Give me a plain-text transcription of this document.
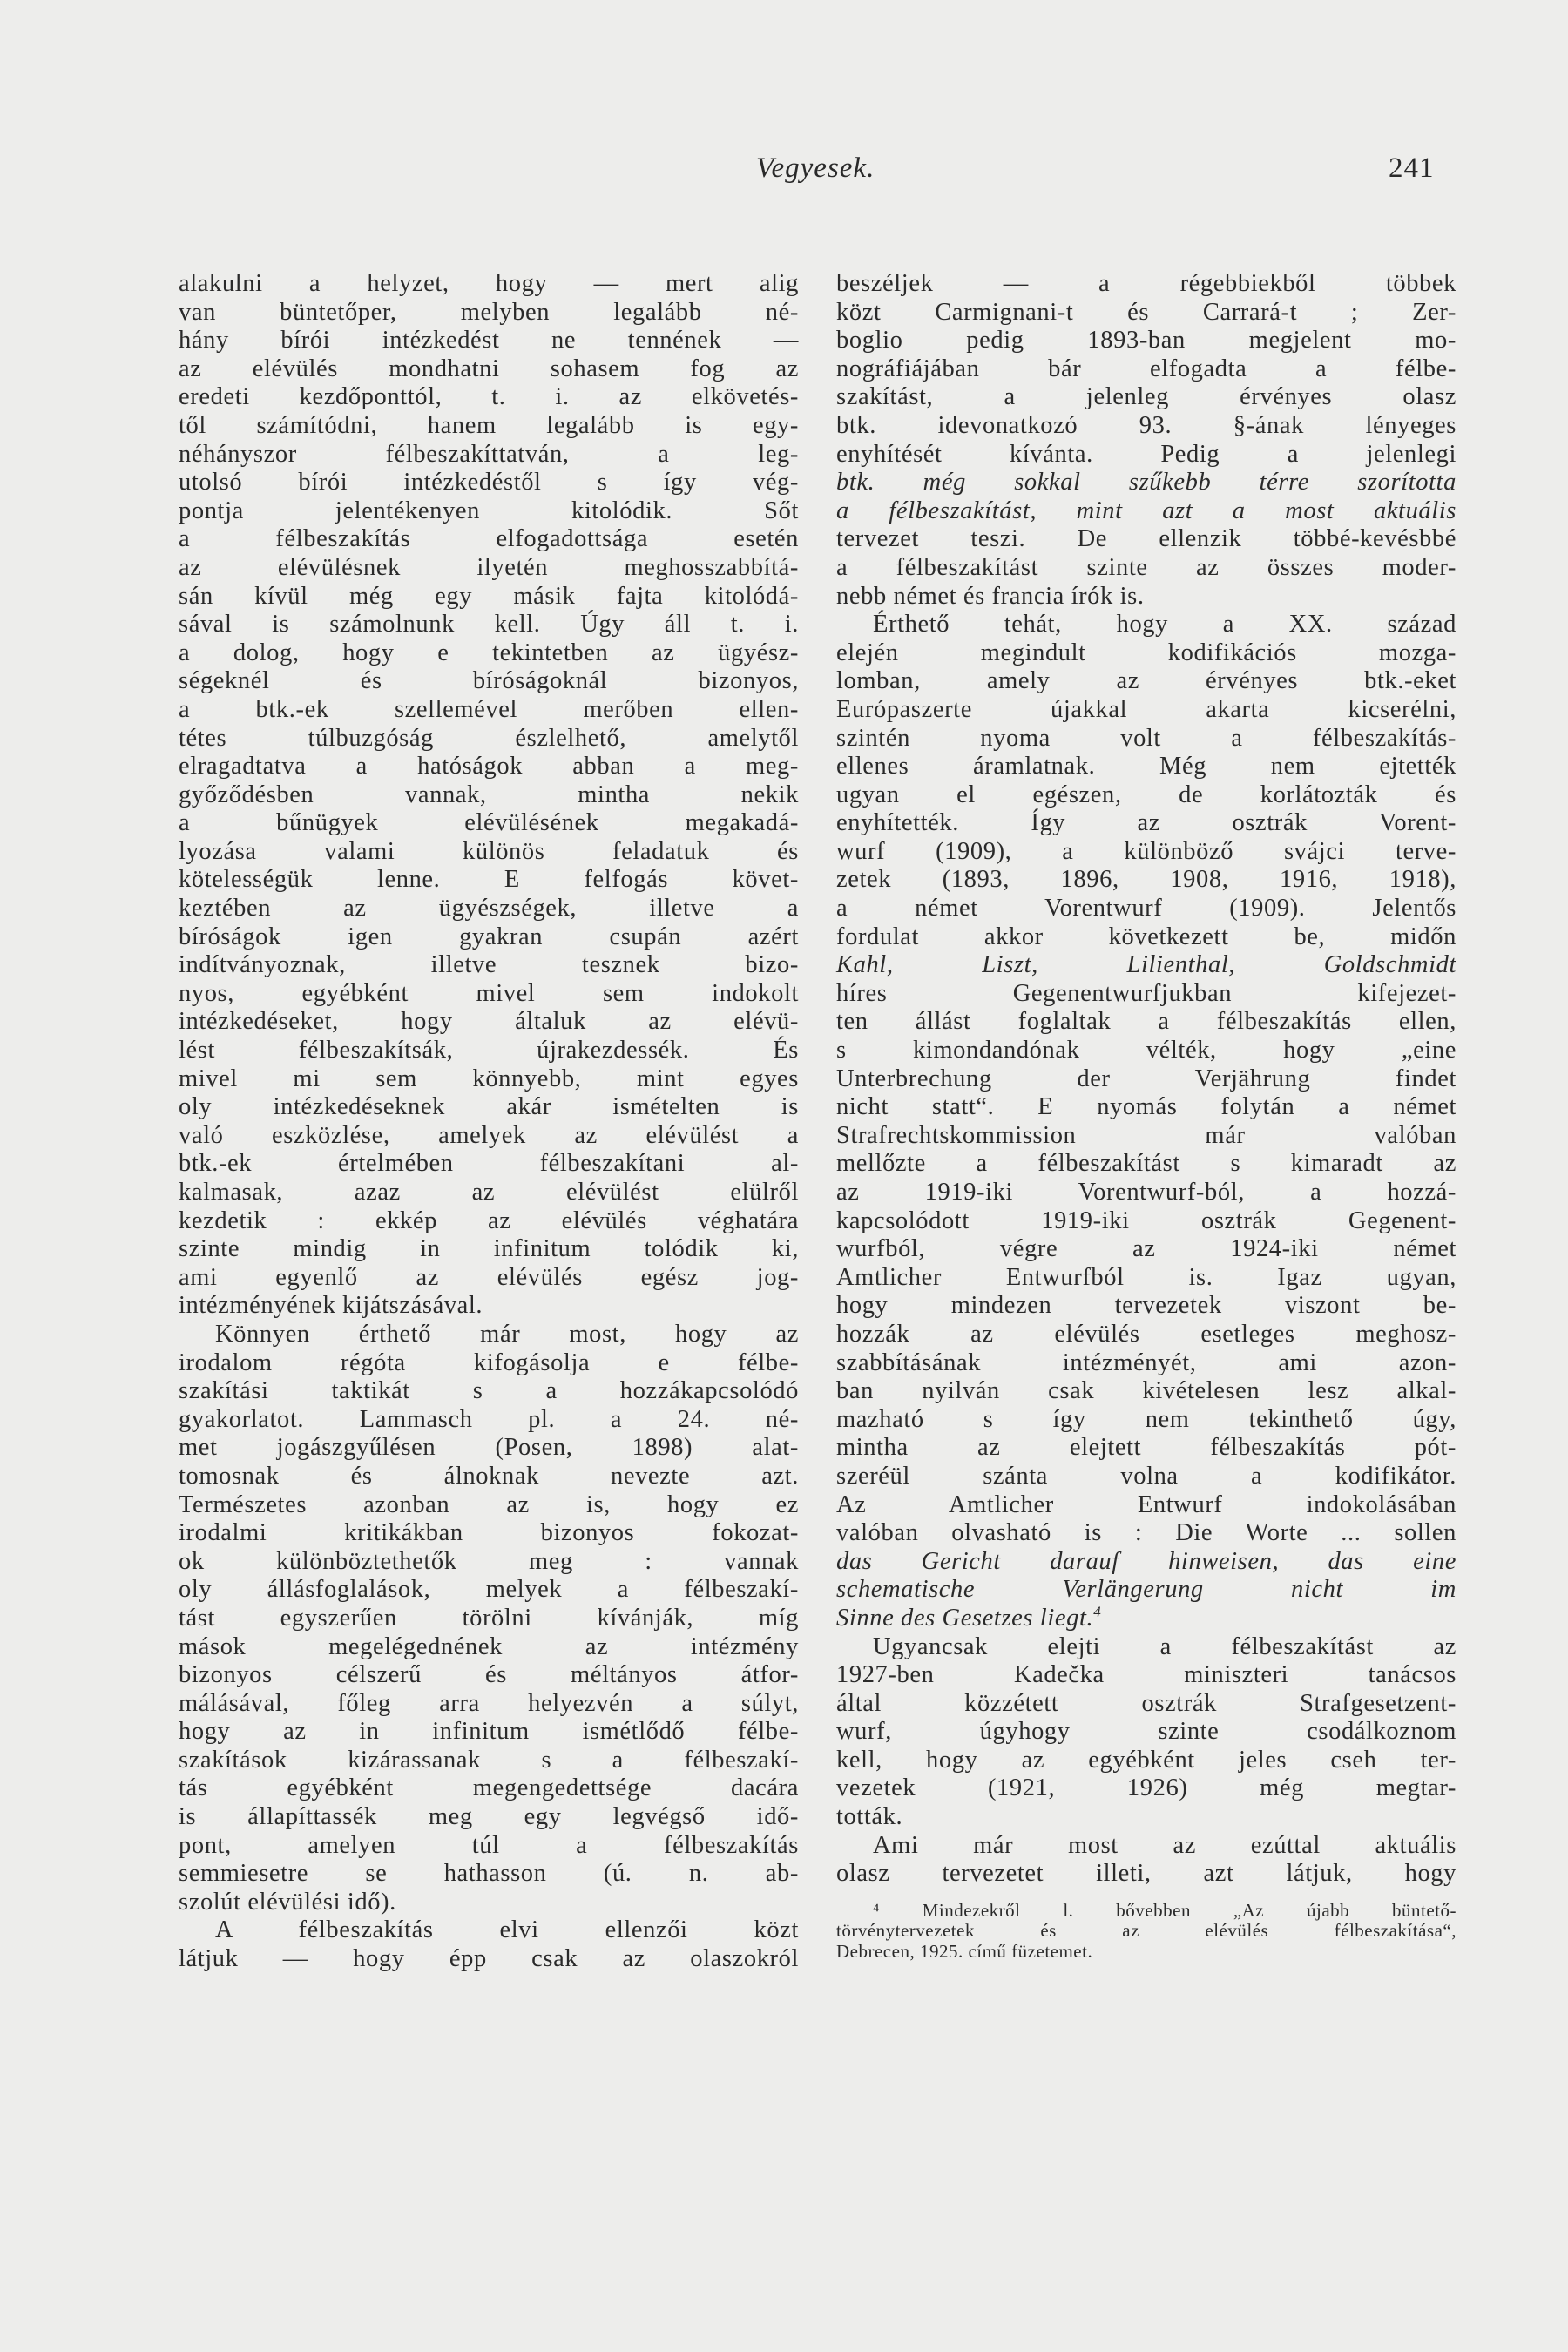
Vegyesek.	241
alakulni a helyzet, hogy — mert alig
van büntetőper, melyben legalább né-
hány bírói intézkedést ne tennének —
az elévülés mondhatni sohasem fog az
eredeti kezdőponttól, t. i. az elkövetés-
től számítódni, hanem legalább is egy-
néhányszor félbeszakíttatván, a leg-
utolsó bírói intézkedéstől s így vég-
pontja jelentékenyen kitolódik. Sőt
a félbeszakítás elfogadottsága esetén
az elévülésnek ilyetén meghosszabbítá-
sán kívül még egy másik fajta kitolódá-
sával is számolnunk kell. Úgy áll t. i.
a dolog, hogy e tekintetben az ügyész-
ségeknél és bíróságoknál bizonyos,
a btk.-ek szellemével merőben ellen-
tétes túlbuzgóság észlelhető, amelytől
elragadtatva a hatóságok abban a meg-
győződésben vannak, mintha nekik
a bűnügyek elévülésének megakadá-
lyozása valami különös feladatuk és
kötelességük lenne. E felfogás követ-
keztében az ügyészségek, illetve a
bíróságok igen gyakran csupán azért
indítványoznak, illetve tesznek bizo-
nyos, egyébként mivel sem indokolt
intézkedéseket, hogy általuk az elévü-
lést félbeszakítsák, újrakezdessék. És
mivel mi sem könnyebb, mint egyes
oly intézkedéseknek akár ismételten is
való eszközlése, amelyek az elévülést a
btk.-ek értelmében félbeszakítani al-
kalmasak, azaz az elévülést elülről
kezdetik : ekkép az elévülés véghatára
szinte mindig in infinitum tolódik ki,
ami egyenlő az elévülés egész jog-
intézményének kijátszásával.
Könnyen érthető már most, hogy az
irodalom régóta kifogásolja e félbe-
szakítási taktikát s a hozzákapcsolódó
gyakorlatot. Lammasch pl. a 24. né-
met jogászgyűlésen (Posen, 1898) alat-
tomosnak és álnoknak nevezte azt.
Természetes azonban az is, hogy ez
irodalmi kritikákban bizonyos fokozat-
ok különböztethetők meg : vannak
oly állásfoglalások, melyek a félbeszakí-
tást egyszerűen törölni kívánják, míg
mások megelégednének az intézmény
bizonyos célszerű és méltányos átfor-
málásával, főleg arra helyezvén a súlyt,
hogy az in infinitum ismétlődő félbe-
szakítások kizárassanak s a félbeszakí-
tás egyébként megengedettsége dacára
is állapíttassék meg egy legvégső idő-
pont, amelyen túl a félbeszakítás
semmiesetre se hathasson (ú. n. ab-
szolút elévülési idő).
A félbeszakítás elvi ellenzői közt
látjuk — hogy épp csak az olaszokról
beszéljek — a régebbiekből többek
közt Carmignani-t és Carrará-t ; Zer-
boglio pedig 1893-ban megjelent mo-
nográfiájában bár elfogadta a félbe-
szakítást, a jelenleg érvényes olasz
btk. idevonatkozó 93. §-ának lényeges
enyhítését kívánta. Pedig a jelenlegi
btk. még sokkal szűkebb térre szorította
a félbeszakítást, mint azt a most aktuális
tervezet teszi. De ellenzik többé-kevésbbé
a félbeszakítást szinte az összes moder-
nebb német és francia írók is.
Érthető tehát, hogy a XX. század
elején megindult kodifikációs mozga-
lomban, amely az érvényes btk.-eket
Európaszerte újakkal akarta kicserélni,
szintén nyoma volt a félbeszakítás-
ellenes áramlatnak. Még nem ejtették
ugyan el egészen, de korlátozták és
enyhítették. Így az osztrák Vorent-
wurf (1909), a különböző svájci terve-
zetek (1893, 1896, 1908, 1916, 1918),
a német Vorentwurf (1909). Jelentős
fordulat akkor következett be, midőn
Kahl, Liszt, Lilienthal, Goldschmidt
híres Gegenentwurfjukban kifejezet-
ten állást foglaltak a félbeszakítás ellen,
s kimondandónak vélték, hogy „eine
Unterbrechung der Verjährung findet
nicht statt“. E nyomás folytán a német
Strafrechtskommission már valóban
mellőzte a félbeszakítást s kimaradt az
az 1919-iki Vorentwurf-ból, a hozzá-
kapcsolódott 1919-iki osztrák Gegenent-
wurfból, végre az 1924-iki német
Amtlicher Entwurfból is. Igaz ugyan,
hogy mindezen tervezetek viszont be-
hozzák az elévülés esetleges meghosz-
szabbításának intézményét, ami azon-
ban nyilván csak kivételesen lesz alkal-
mazható s így nem tekinthető úgy,
mintha az elejtett félbeszakítás pót-
szeréül szánta volna a kodifikátor.
Az Amtlicher Entwurf indokolásában
valóban olvasható is : Die Worte ... sollen
das Gericht darauf hinweisen, das eine
schematische Verlängerung nicht im
Sinne des Gesetzes liegt.$^4$
Ugyancsak elejti a félbeszakítást az
1927-ben Kadečka miniszteri tanácsos
által közzétett osztrák Strafgesetzent-
wurf, úgyhogy szinte csodálkoznom
kell, hogy az egyébként jeles cseh ter-
vezetek (1921, 1926) még megtar-
tották.
Ami már most az ezúttal aktuális
olasz tervezetet illeti, azt látjuk, hogy
⁴ Mindezekről l. bővebben „Az újabb büntető-
törvénytervezetek és az elévülés félbeszakítása“,
Debrecen, 1925. című füzetemet.
